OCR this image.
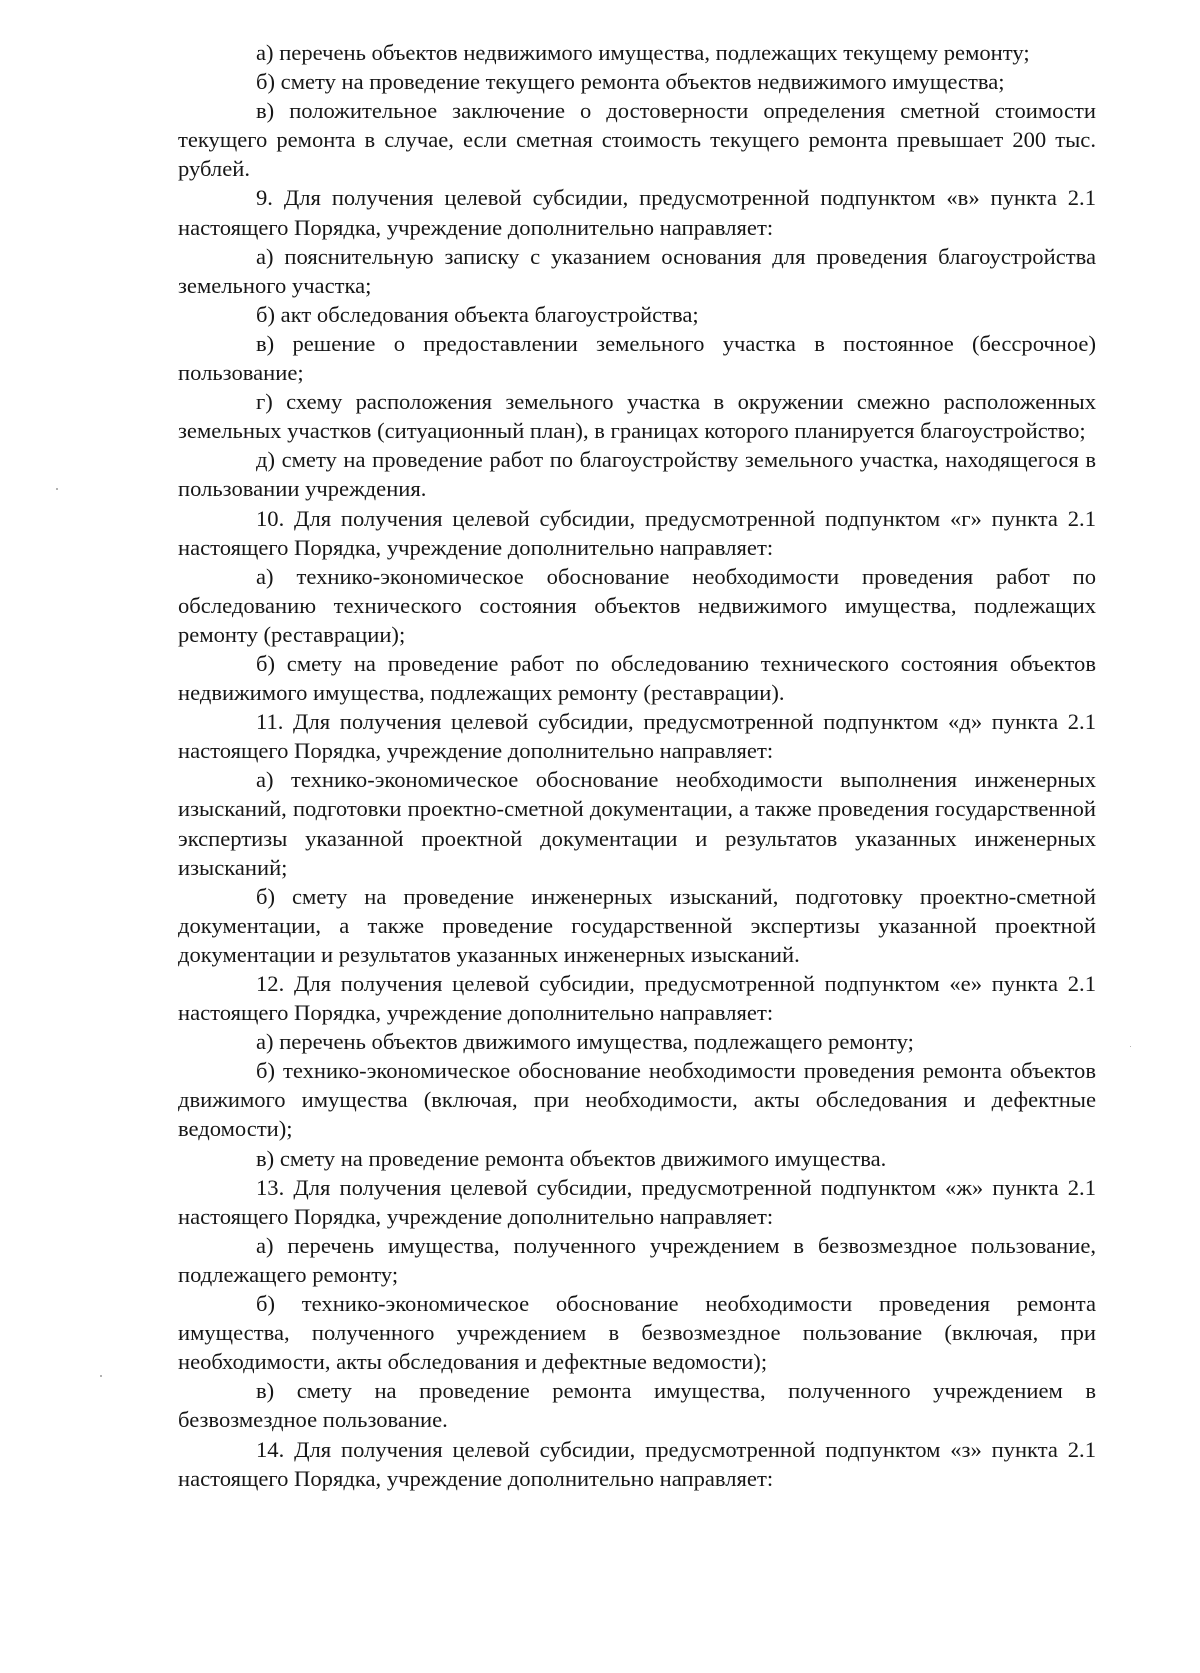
а) перечень объектов недвижимого имущества, подлежащих текущему ремонту;

б) смету на проведение текущего ремонта объектов недвижимого имущества;

в) положительное заключение о достоверности определения сметной стоимости текущего ремонта в случае, если сметная стоимость текущего ремонта превышает 200 тыс. рублей.

9. Для получения целевой субсидии, предусмотренной подпунктом «в» пункта 2.1 настоящего Порядка, учреждение дополнительно направляет:

а) пояснительную записку с указанием основания для проведения благоустройства земельного участка;

б) акт обследования объекта благоустройства;

в) решение о предоставлении земельного участка в постоянное (бессрочное) пользование;

г) схему расположения земельного участка в окружении смежно расположенных земельных участков (ситуационный план), в границах которого планируется благоустройство;

д) смету на проведение работ по благоустройству земельного участка, находящегося в пользовании учреждения.

10. Для получения целевой субсидии, предусмотренной подпунктом «г» пункта 2.1 настоящего Порядка, учреждение дополнительно направляет:

а) технико-экономическое обоснование необходимости проведения работ по обследованию технического состояния объектов недвижимого имущества, подлежащих ремонту (реставрации);

б) смету на проведение работ по обследованию технического состояния объектов недвижимого имущества, подлежащих ремонту (реставрации).

11. Для получения целевой субсидии, предусмотренной подпунктом «д» пункта 2.1 настоящего Порядка, учреждение дополнительно направляет:

а) технико-экономическое обоснование необходимости выполнения инженерных изысканий, подготовки проектно-сметной документации, а также проведения государственной экспертизы указанной проектной документации и результатов указанных инженерных изысканий;

б) смету на проведение инженерных изысканий, подготовку проектно-сметной документации, а также проведение государственной экспертизы указанной проектной документации и результатов указанных инженерных изысканий.

12. Для получения целевой субсидии, предусмотренной подпунктом «е» пункта 2.1 настоящего Порядка, учреждение дополнительно направляет:

а) перечень объектов движимого имущества, подлежащего ремонту;

б) технико-экономическое обоснование необходимости проведения ремонта объектов движимого имущества (включая, при необходимости, акты обследования и дефектные ведомости);

в) смету на проведение ремонта объектов движимого имущества.

13. Для получения целевой субсидии, предусмотренной подпунктом «ж» пункта 2.1 настоящего Порядка, учреждение дополнительно направляет:

а) перечень имущества, полученного учреждением в безвозмездное пользование, подлежащего ремонту;

б) технико-экономическое обоснование необходимости проведения ремонта имущества, полученного учреждением в безвозмездное пользование (включая, при необходимости, акты обследования и дефектные ведомости);

в) смету на проведение ремонта имущества, полученного учреждением в безвозмездное пользование.

14. Для получения целевой субсидии, предусмотренной подпунктом «з» пункта 2.1 настоящего Порядка, учреждение дополнительно направляет:
